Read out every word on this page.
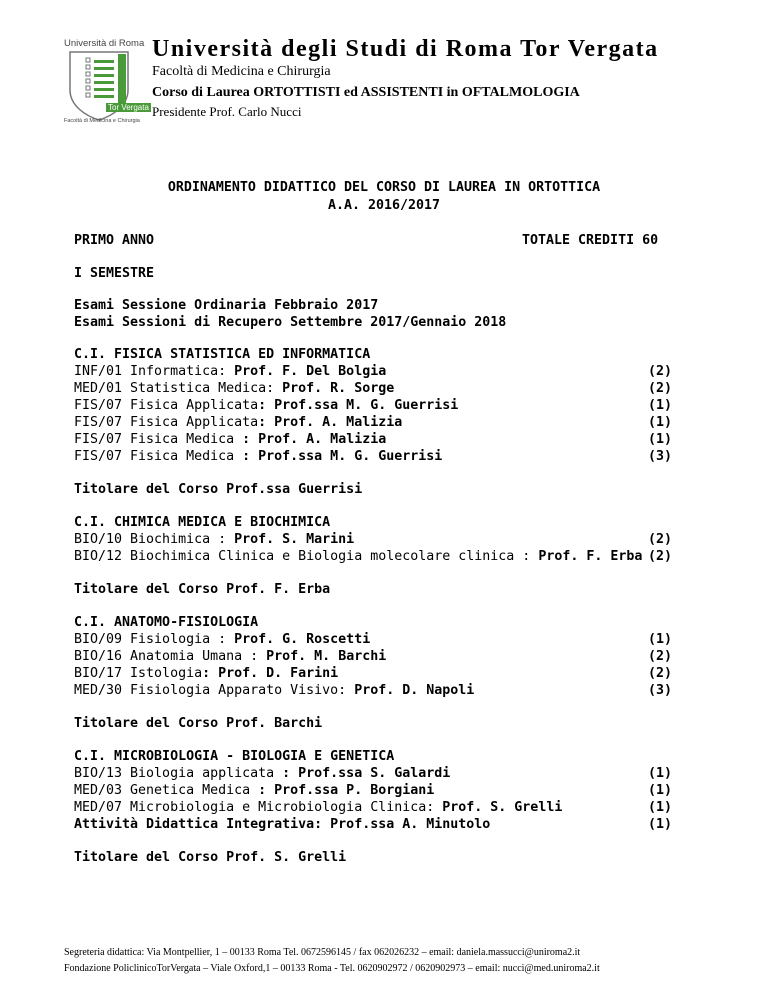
Università di Roma
Tor Vergata
Facoltà di Medicina e Chirurgia
Università degli Studi di Roma Tor Vergata
Facoltà di Medicina e Chirurgia
Corso di Laurea ORTOTTISTI ed ASSISTENTI in OFTALMOLOGIA
Presidente Prof. Carlo Nucci
ORDINAMENTO DIDATTICO DEL CORSO DI LAUREA IN ORTOTTICA
A.A. 2016/2017
PRIMO ANNO	TOTALE CREDITI 60
I SEMESTRE
Esami Sessione Ordinaria Febbraio 2017
Esami Sessioni di Recupero Settembre 2017/Gennaio 2018
C.I. FISICA STATISTICA ED INFORMATICA
INF/01 Informatica: Prof. F. Del Bolgia	(2)
MED/01 Statistica Medica: Prof. R. Sorge	(2)
FIS/07 Fisica Applicata: Prof.ssa M. G. Guerrisi	(1)
FIS/07 Fisica Applicata: Prof. A. Malizia	(1)
FIS/07 Fisica Medica : Prof. A. Malizia	(1)
FIS/07 Fisica Medica : Prof.ssa M. G. Guerrisi	(3)
Titolare del Corso Prof.ssa Guerrisi
C.I. CHIMICA MEDICA E BIOCHIMICA
BIO/10 Biochimica : Prof. S. Marini	(2)
BIO/12 Biochimica Clinica e Biologia molecolare clinica : Prof. F. Erba (2)
Titolare del Corso Prof. F. Erba
C.I. ANATOMO-FISIOLOGIA
BIO/09 Fisiologia : Prof. G. Roscetti	(1)
BIO/16 Anatomia Umana : Prof. M. Barchi	(2)
BIO/17 Istologia: Prof. D. Farini	(2)
MED/30 Fisiologia Apparato Visivo: Prof. D. Napoli	(3)
Titolare del Corso Prof. Barchi
C.I. MICROBIOLOGIA - BIOLOGIA E GENETICA
BIO/13 Biologia applicata : Prof.ssa S. Galardi	(1)
MED/03 Genetica Medica : Prof.ssa P. Borgiani	(1)
MED/07 Microbiologia e Microbiologia Clinica: Prof. S. Grelli	(1)
Attività Didattica Integrativa: Prof.ssa A. Minutolo	(1)
Titolare del Corso Prof. S. Grelli
Segreteria didattica: Via Montpellier, 1 – 00133 Roma Tel. 0672596145 / fax 062026232 – email: daniela.massucci@uniroma2.it
Fondazione PoliclinicoTorVergata – Viale Oxford,1 – 00133 Roma - Tel. 0620902972 / 0620902973 – email: nucci@med.uniroma2.it
